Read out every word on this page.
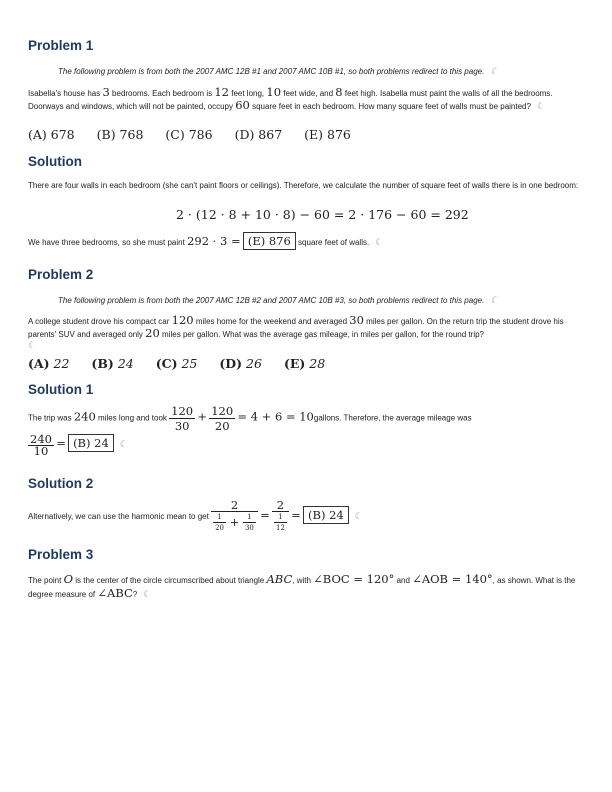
Problem 1
The following problem is from both the 2007 AMC 12B #1 and 2007 AMC 10B #1, so both problems redirect to this page. ☾
Isabella's house has 3 bedrooms. Each bedroom is 12 feet long, 10 feet wide, and 8 feet high. Isabella must paint the walls of all the bedrooms. Doorways and windows, which will not be painted, occupy 60 square feet in each bedroom. How many square feet of walls must be painted? ☾
(A) 678 (B) 768 (C) 786 (D) 867 (E) 876
Solution
There are four walls in each bedroom (she can't paint floors or ceilings). Therefore, we calculate the number of square feet of walls there is in one bedroom:
2 · (12 · 8 + 10 · 8) − 60 = 2 · 176 − 60 = 292
We have three bedrooms, so she must paint 292 · 3 = (E) 876 square feet of walls. ☾
Problem 2
The following problem is from both the 2007 AMC 12B #2 and 2007 AMC 10B #3, so both problems redirect to this page. ☾
A college student drove his compact car 120 miles home for the weekend and averaged 30 miles per gallon. On the return trip the student drove his parents' SUV and averaged only 20 miles per gallon. What was the average gas mileage, in miles per gallon, for the round trip?
☾
(A) 22 (B) 24 (C) 25 (D) 26 (E) 28
Solution 1
The trip was 240 miles long and took $\frac{120}{30} + \frac{120}{20} = 4 + 6$ = 10gallons. Therefore, the average mileage was
$\frac{240}{10} = (B)$ 24 ☾
Solution 2
Alternatively, we can use the harmonic mean to get $\frac{2}{\frac{1}{20} + \frac{1}{30}} = \frac{2}{\frac{1}{12}} = (B)$ 24 ☾
Problem 3
The point O is the center of the circle circumscribed about triangle ABC, with ∠BOC = 120° and ∠AOB = 140°, as shown. What is the degree measure of ∠ABC? ☾
